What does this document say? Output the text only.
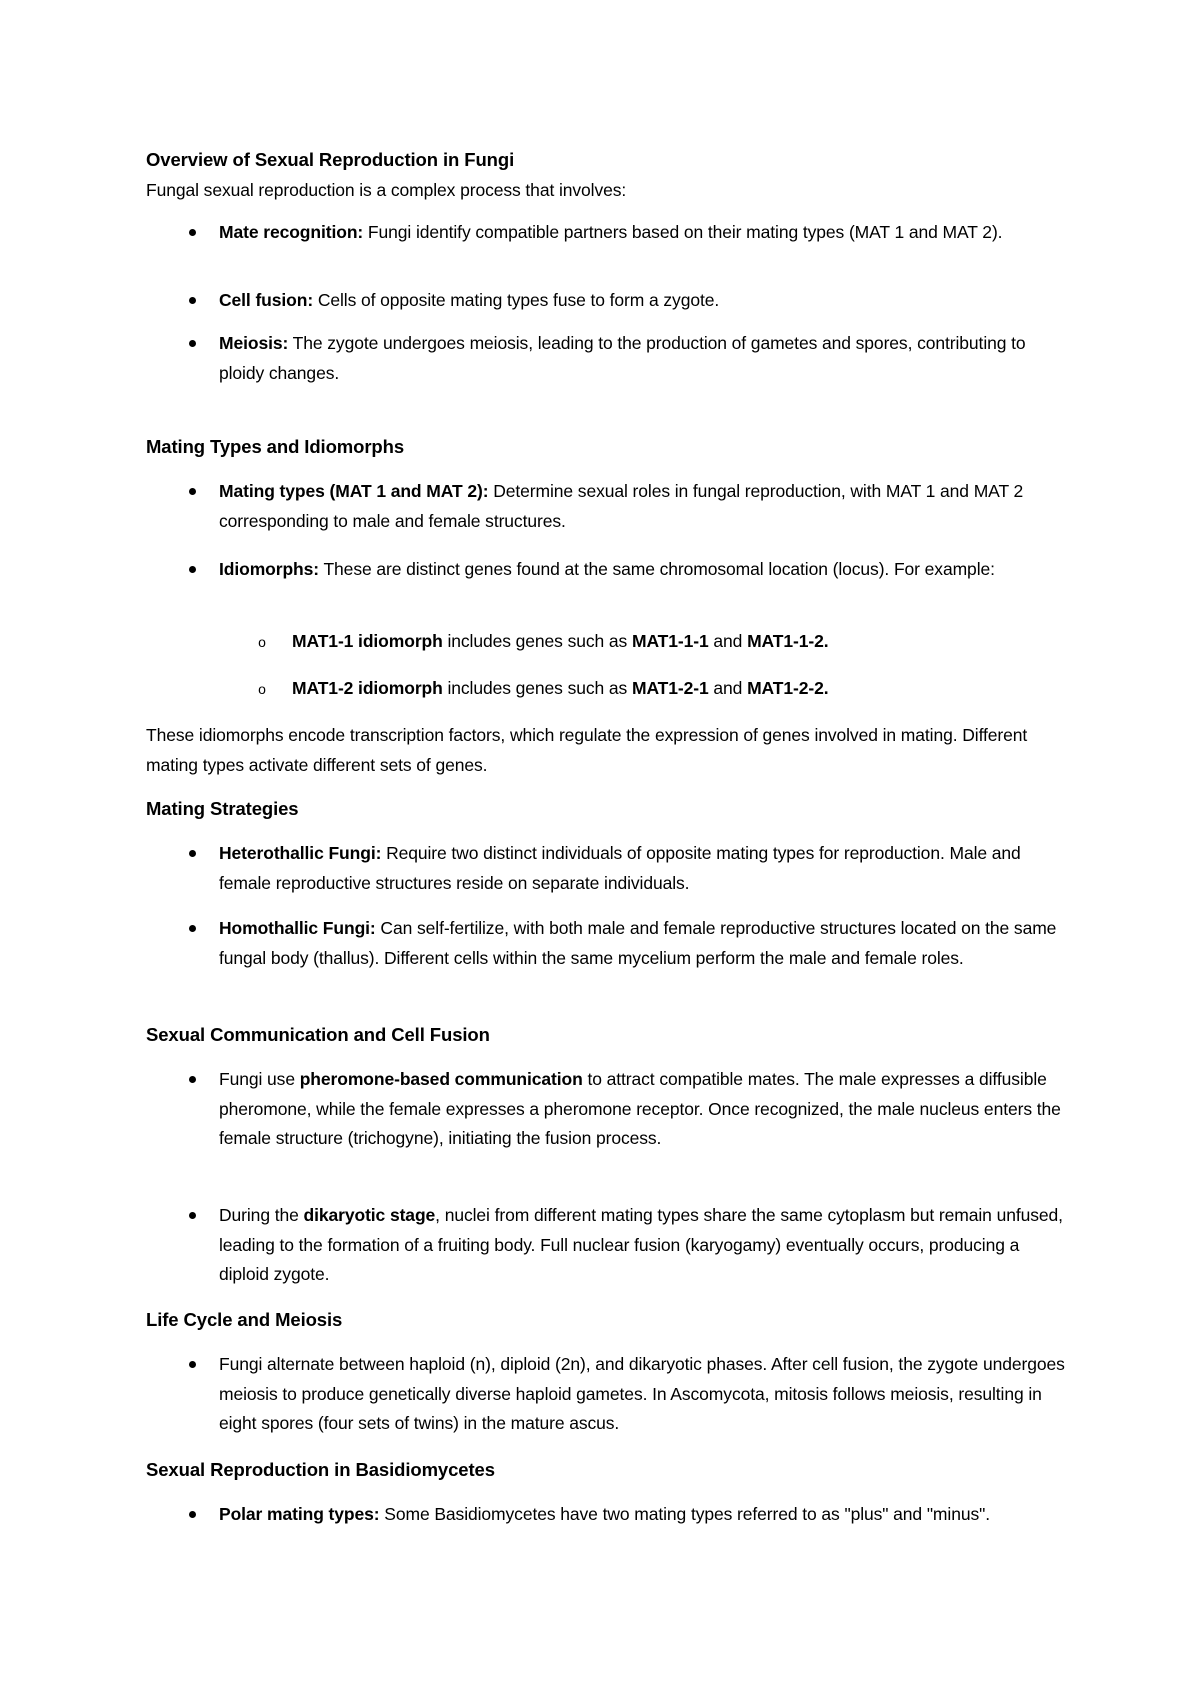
Overview of Sexual Reproduction in Fungi
Fungal sexual reproduction is a complex process that involves:
Mate recognition: Fungi identify compatible partners based on their mating types (MAT 1 and MAT 2).
Cell fusion: Cells of opposite mating types fuse to form a zygote.
Meiosis: The zygote undergoes meiosis, leading to the production of gametes and spores, contributing to ploidy changes.
Mating Types and Idiomorphs
Mating types (MAT 1 and MAT 2): Determine sexual roles in fungal reproduction, with MAT 1 and MAT 2 corresponding to male and female structures.
Idiomorphs: These are distinct genes found at the same chromosomal location (locus). For example:
o MAT1-1 idiomorph includes genes such as MAT1-1-1 and MAT1-1-2.
o MAT1-2 idiomorph includes genes such as MAT1-2-1 and MAT1-2-2.
These idiomorphs encode transcription factors, which regulate the expression of genes involved in mating. Different mating types activate different sets of genes.
Mating Strategies
Heterothallic Fungi: Require two distinct individuals of opposite mating types for reproduction. Male and female reproductive structures reside on separate individuals.
Homothallic Fungi: Can self-fertilize, with both male and female reproductive structures located on the same fungal body (thallus). Different cells within the same mycelium perform the male and female roles.
Sexual Communication and Cell Fusion
Fungi use pheromone-based communication to attract compatible mates. The male expresses a diffusible pheromone, while the female expresses a pheromone receptor. Once recognized, the male nucleus enters the female structure (trichogyne), initiating the fusion process.
During the dikaryotic stage, nuclei from different mating types share the same cytoplasm but remain unfused, leading to the formation of a fruiting body. Full nuclear fusion (karyogamy) eventually occurs, producing a diploid zygote.
Life Cycle and Meiosis
Fungi alternate between haploid (n), diploid (2n), and dikaryotic phases. After cell fusion, the zygote undergoes meiosis to produce genetically diverse haploid gametes. In Ascomycota, mitosis follows meiosis, resulting in eight spores (four sets of twins) in the mature ascus.
Sexual Reproduction in Basidiomycetes
Polar mating types: Some Basidiomycetes have two mating types referred to as "plus" and "minus".
